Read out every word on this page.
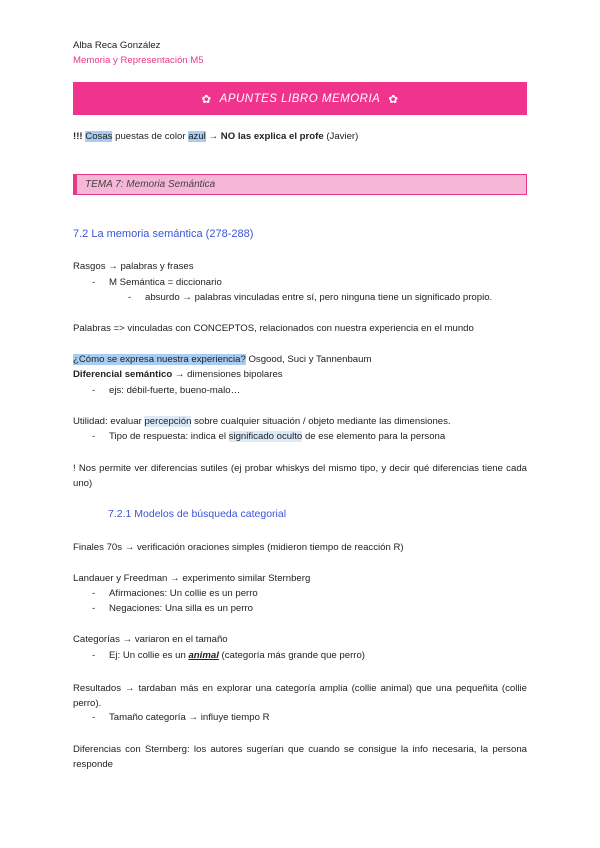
Alba Reca González
Memoria y Representación M5
✿ APUNTES LIBRO MEMORIA ✿
!!! Cosas puestas de color azul → NO las explica el profe (Javier)
TEMA 7: Memoria Semántica
7.2 La memoria semántica (278-288)
Rasgos → palabras y frases
- M Semántica = diccionario
- absurdo → palabras vinculadas entre sí, pero ninguna tiene un significado propio.
Palabras => vinculadas con CONCEPTOS, relacionados con nuestra experiencia en el mundo
¿Cómo se expresa nuestra experiencia? Osgood, Suci y Tannenbaum
Diferencial semántico → dimensiones bipolares
- ejs: débil-fuerte, bueno-malo…
Utilidad: evaluar percepción sobre cualquier situación / objeto mediante las dimensiones.
- Tipo de respuesta: indica el significado oculto de ese elemento para la persona
! Nos permite ver diferencias sutiles (ej probar whiskys del mismo tipo, y decir qué diferencias tiene cada uno)
7.2.1 Modelos de búsqueda categorial
Finales 70s → verificación oraciones simples (midieron tiempo de reacción R)
Landauer y Freedman → experimento similar Sternberg
- Afirmaciones: Un collie es un perro
- Negaciones: Una silla es un perro
Categorías → variaron en el tamaño
- Ej: Un collie es un animal (categoría más grande que perro)
Resultados → tardaban más en explorar una categoría amplia (collie animal) que una pequeñita (collie perro).
- Tamaño categoría → influye tiempo R
Diferencias con Sternberg: los autores sugerían que cuando se consigue la info necesaria, la persona responde
